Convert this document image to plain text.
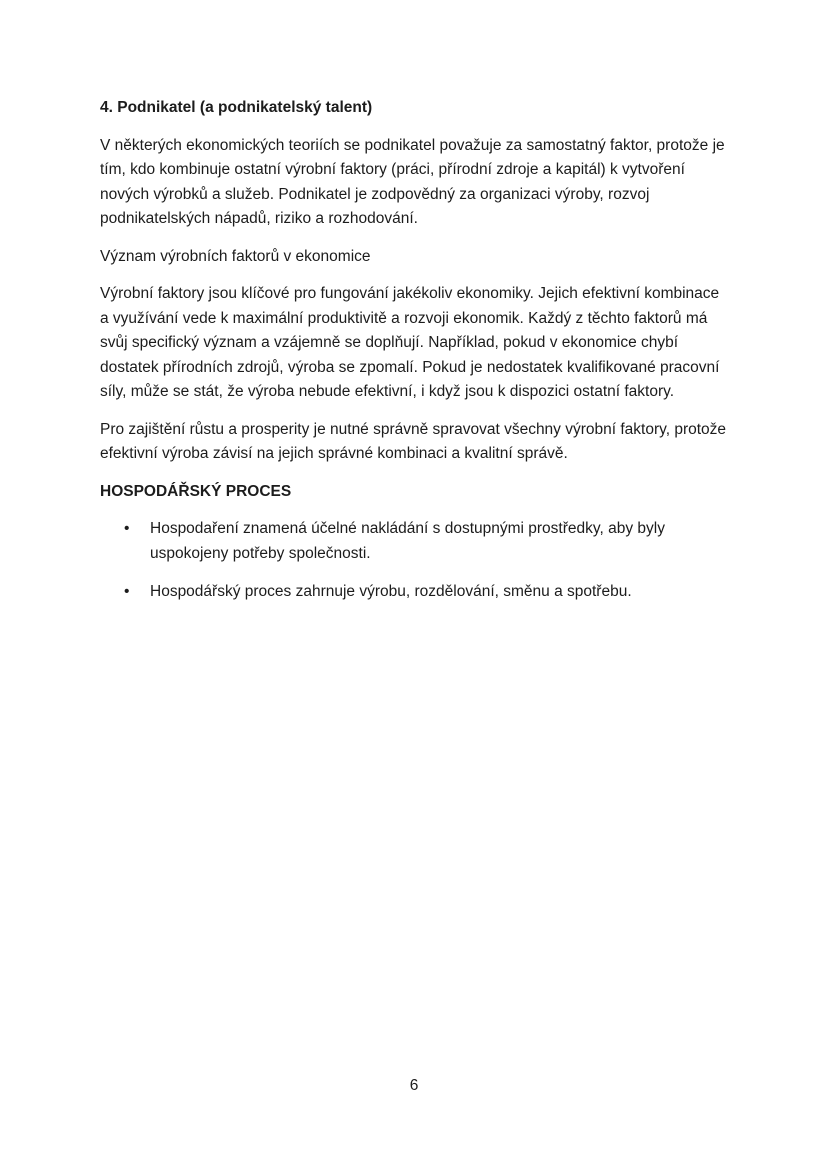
4. Podnikatel (a podnikatelský talent)

V některých ekonomických teoriích se podnikatel považuje za samostatný faktor, protože je tím, kdo kombinuje ostatní výrobní faktory (práci, přírodní zdroje a kapitál) k vytvoření nových výrobků a služeb. Podnikatel je zodpovědný za organizaci výroby, rozvoj podnikatelských nápadů, riziko a rozhodování.

Význam výrobních faktorů v ekonomice

Výrobní faktory jsou klíčové pro fungování jakékoliv ekonomiky. Jejich efektivní kombinace a využívání vede k maximální produktivitě a rozvoji ekonomik. Každý z těchto faktorů má svůj specifický význam a vzájemně se doplňují. Například, pokud v ekonomice chybí dostatek přírodních zdrojů, výroba se zpomalí. Pokud je nedostatek kvalifikované pracovní síly, může se stát, že výroba nebude efektivní, i když jsou k dispozici ostatní faktory.

Pro zajištění růstu a prosperity je nutné správně spravovat všechny výrobní faktory, protože efektivní výroba závisí na jejich správné kombinaci a kvalitní správě.

HOSPODÁŘSKÝ PROCES
• Hospodaření znamená účelné nakládání s dostupnými prostředky, aby byly uspokojeny potřeby společnosti.
• Hospodářský proces zahrnuje výrobu, rozdělování, směnu a spotřebu.
6
